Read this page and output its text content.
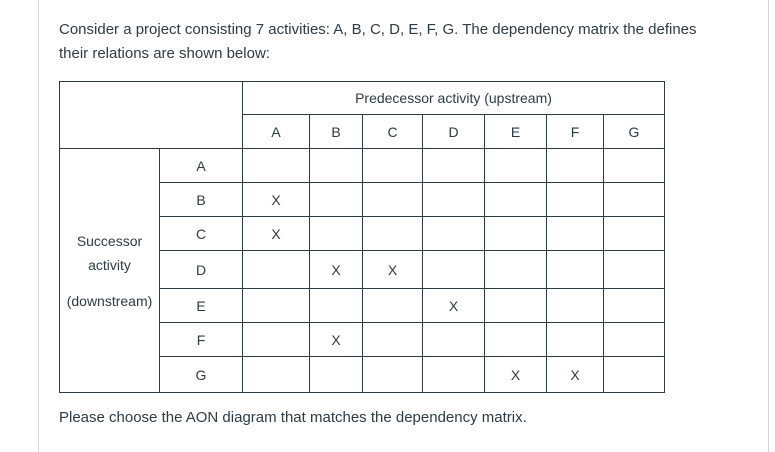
Consider a project consisting 7 activities: A, B, C, D, E, F, G. The dependency matrix the defines
their relations are shown below:
		Predecessor activity (upstream)						
		A	B	C	D	E	F	G

Successor
activity
(downstream)	A							
	B	X						
	C	X						
	D		X	X				
	E				X			
	F		X					
	G					X	X	
Please choose the AON diagram that matches the dependency matrix.
